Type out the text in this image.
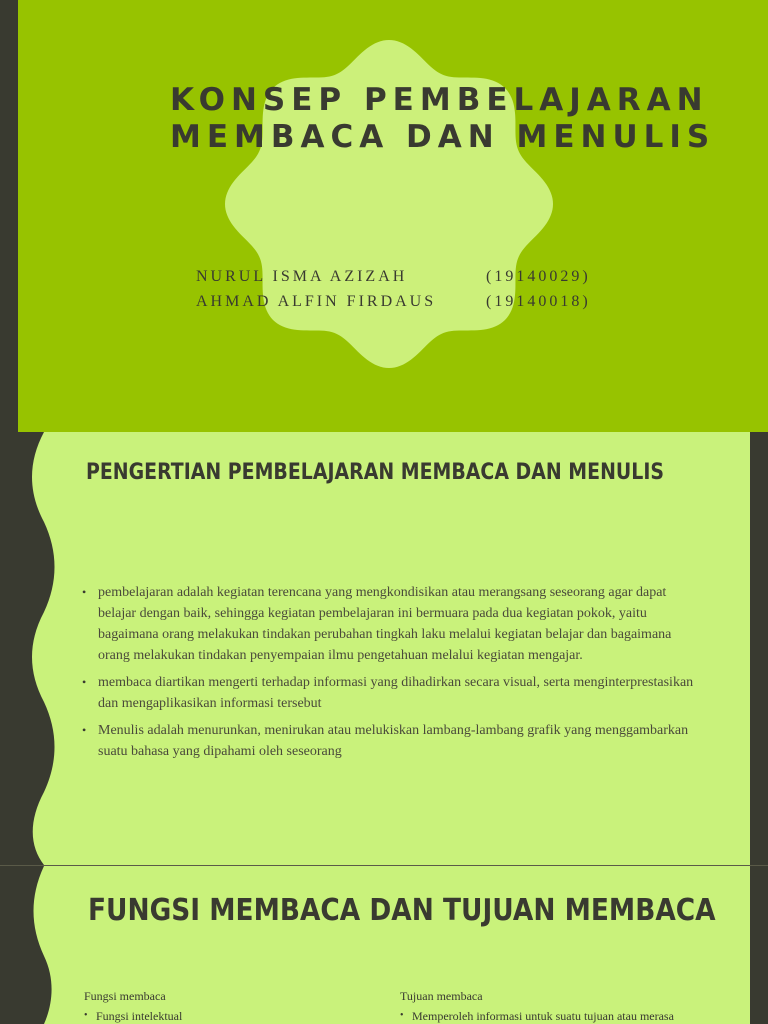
KONSEP PEMBELAJARAN
MEMBACA DAN MENULIS
NURUL ISMA AZIZAH	(19140029)
AHMAD ALFIN FIRDAUS	(19140018)
PENGERTIAN PEMBELAJARAN MEMBACA DAN MENULIS
• pembelajaran adalah kegiatan terencana yang mengkondisikan atau merangsang seseorang agar dapat belajar dengan baik, sehingga kegiatan pembelajaran ini bermuara pada dua kegiatan pokok, yaitu bagaimana orang melakukan tindakan perubahan tingkah laku melalui kegiatan belajar dan bagaimana orang melakukan tindakan penyempaian ilmu pengetahuan melalui kegiatan mengajar.
• membaca diartikan mengerti terhadap informasi yang dihadirkan secara visual, serta menginterprestasikan dan mengaplikasikan informasi tersebut
• Menulis adalah menurunkan, menirukan atau melukiskan lambang-lambang grafik yang menggambarkan suatu bahasa yang dipahami oleh seseorang
FUNGSI MEMBACA DAN TUJUAN MEMBACA
Fungsi membaca
• Fungsi intelektual
Tujuan membaca
• Memperoleh informasi untuk suatu tujuan atau merasa
